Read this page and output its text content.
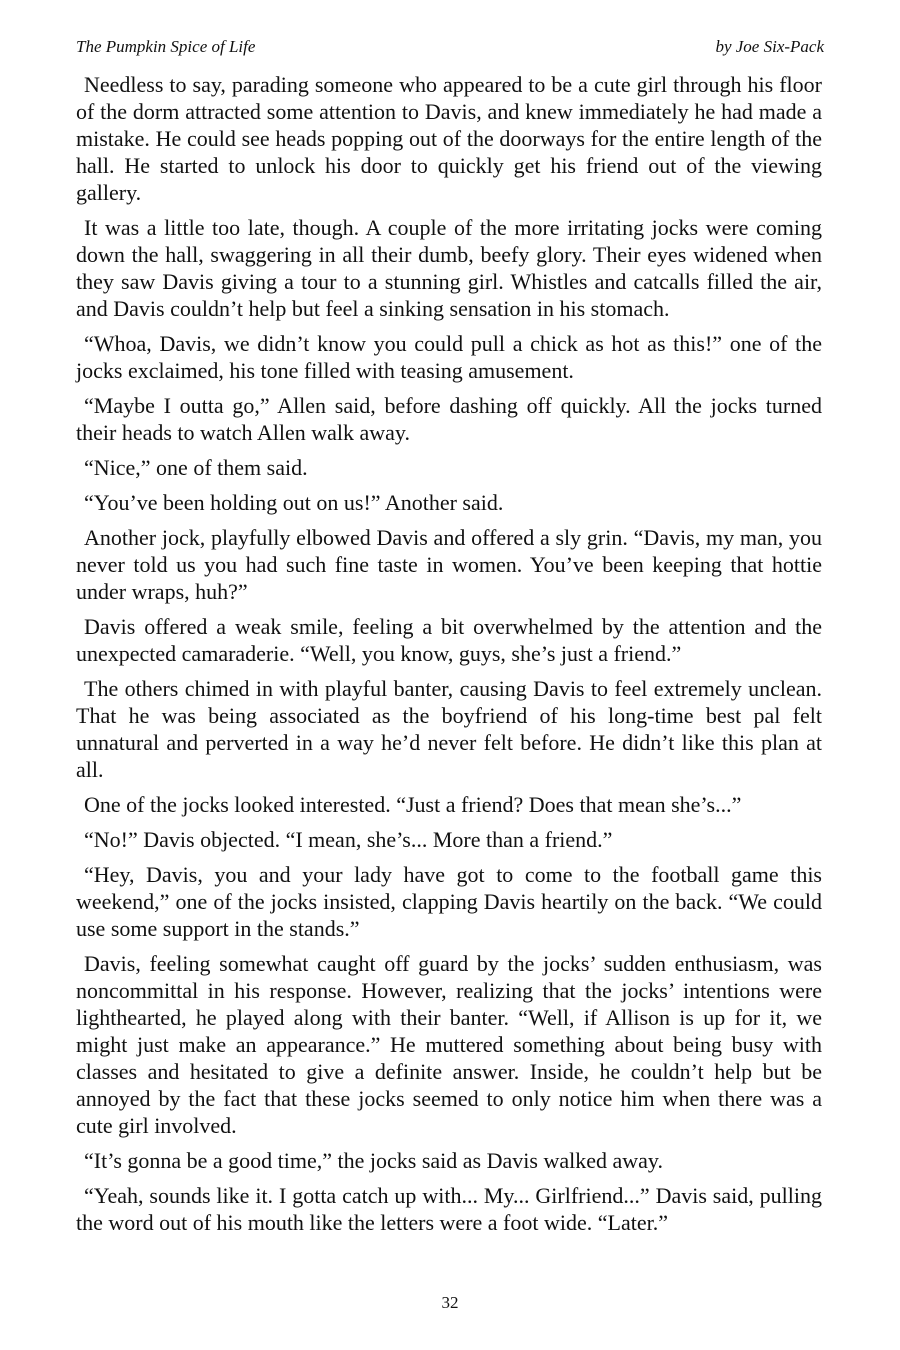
The Pumpkin Spice of Life	by Joe Six-Pack

Needless to say, parading someone who appeared to be a cute girl through his floor of the dorm attracted some attention to Davis, and knew immediately he had made a mistake. He could see heads popping out of the doorways for the entire length of the hall. He started to unlock his door to quickly get his friend out of the viewing gallery.

It was a little too late, though. A couple of the more irritating jocks were coming down the hall, swaggering in all their dumb, beefy glory. Their eyes widened when they saw Davis giving a tour to a stunning girl. Whistles and catcalls filled the air, and Davis couldn’t help but feel a sinking sensation in his stomach.

“Whoa, Davis, we didn’t know you could pull a chick as hot as this!” one of the jocks exclaimed, his tone filled with teasing amusement.

“Maybe I outta go,” Allen said, before dashing off quickly. All the jocks turned their heads to watch Allen walk away.

“Nice,” one of them said.

“You’ve been holding out on us!” Another said.

Another jock, playfully elbowed Davis and offered a sly grin. “Davis, my man, you never told us you had such fine taste in women. You’ve been keeping that hottie under wraps, huh?”

Davis offered a weak smile, feeling a bit overwhelmed by the attention and the unexpected camaraderie. “Well, you know, guys, she’s just a friend.”

The others chimed in with playful banter, causing Davis to feel extremely unclean. That he was being associated as the boyfriend of his long-time best pal felt unnatural and perverted in a way he’d never felt before. He didn’t like this plan at all.

One of the jocks looked interested. “Just a friend? Does that mean she’s...”

“No!” Davis objected. “I mean, she’s... More than a friend.”

“Hey, Davis, you and your lady have got to come to the football game this weekend,” one of the jocks insisted, clapping Davis heartily on the back. “We could use some support in the stands.”

Davis, feeling somewhat caught off guard by the jocks’ sudden enthusiasm, was noncommittal in his response. However, realizing that the jocks’ intentions were lighthearted, he played along with their banter. “Well, if Allison is up for it, we might just make an appearance.” He muttered something about being busy with classes and hesitated to give a definite answer. Inside, he couldn’t help but be annoyed by the fact that these jocks seemed to only notice him when there was a cute girl involved.

“It’s gonna be a good time,” the jocks said as Davis walked away.

“Yeah, sounds like it. I gotta catch up with... My... Girlfriend...” Davis said, pulling the word out of his mouth like the letters were a foot wide. “Later.”

32
